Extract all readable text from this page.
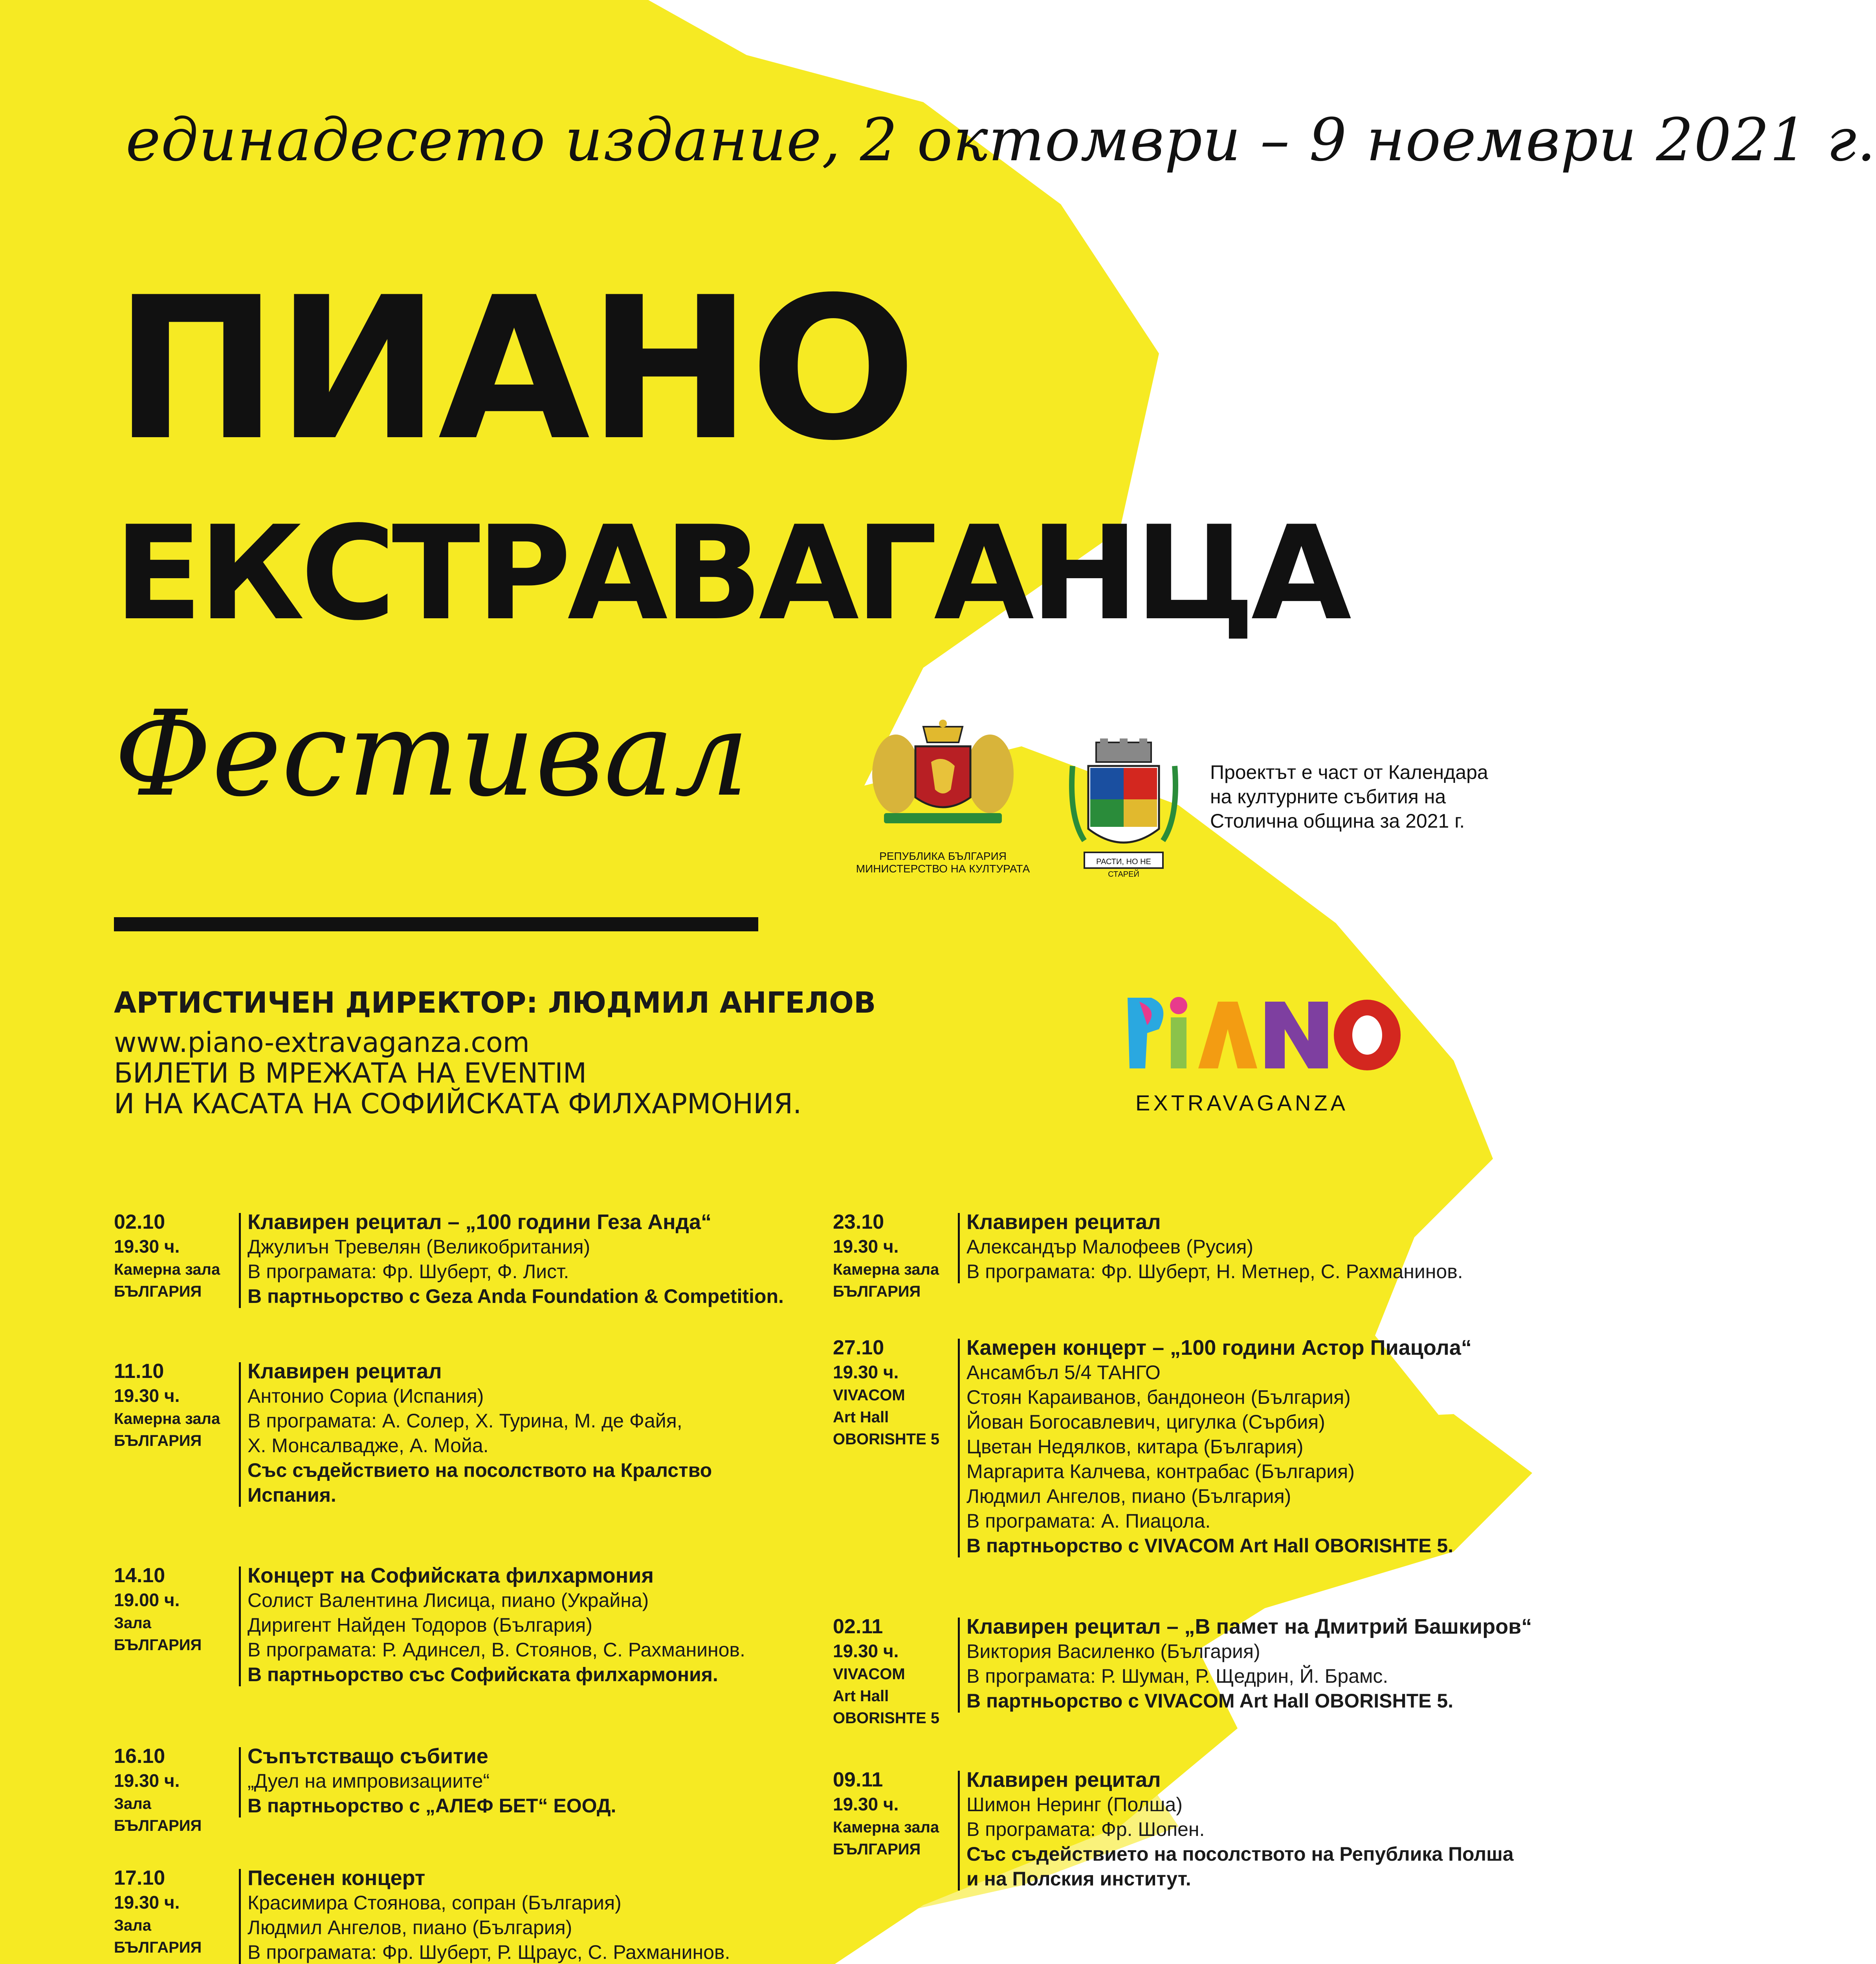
единадесето издание, 2 октомври – 9 ноември 2021 г.
ПИАНО
ЕКСТРАВАГАНЦА
Фестивал
РЕПУБЛИКА БЪЛГАРИЯ
МИНИСТЕРСТВО НА КУЛТУРАТА
РАСТИ, НО НЕ СТАРЕЙ
Проектът е част от Календара
на културните събития на
Столична община за 2021 г.
АРТИСТИЧЕН ДИРЕКТОР: ЛЮДМИЛ АНГЕЛОВ
www.piano-extravaganza.com
БИЛЕТИ В МРЕЖАТА НА EVENTIM
И НА КАСАТА НА СОФИЙСКАТА ФИЛХАРМОНИЯ.	EXTRAVAGANZA
02.10
19.30 ч.
Камерна зала
БЪЛГАРИЯ
Клавирен рецитал – „100 години Геза Анда“
Джулиън Тревелян (Великобритания)
В програмата: Фр. Шуберт, Ф. Лист.
В партньорство с Geza Anda Foundation & Competition.
11.10
19.30 ч.
Камерна зала
БЪЛГАРИЯ
Клавирен рецитал
Антонио Сориа (Испания)
В програмата: А. Солер, Х. Турина, М. де Файя,
Х. Монсалвадже, А. Мойа.
Със съдействието на посолството на Кралство
Испания.
14.10
19.00 ч.
Зала
БЪЛГАРИЯ
Концерт на Софийската филхармония
Солист Валентина Лисица, пиано (Украйна)
Диригент Найден Тодоров (България)
В програмата: Р. Адинсел, В. Стоянов, С. Рахманинов.
В партньорство със Софийската филхармония.
16.10
19.30 ч.
Зала
БЪЛГАРИЯ
Съпътстващо събитие
„Дуел на импровизациите“
В партньорство с „АЛЕФ БЕТ“ ЕООД.
17.10
19.30 ч.
Зала
БЪЛГАРИЯ
Песенен концерт
Красимира Стоянова, сопран (България)
Людмил Ангелов, пиано (България)
В програмата: Фр. Шуберт, Р. Щраус, С. Рахманинов.
23.10
19.30 ч.
Камерна зала
БЪЛГАРИЯ
Клавирен рецитал
Александър Малофеев (Русия)
В програмата: Фр. Шуберт, Н. Метнер, С. Рахманинов.
27.10
19.30 ч.
VIVACOM
Art Hall
OBORISHTE 5
Камерен концерт – „100 години Астор Пиацола“
Ансамбъл 5/4 ТАНГО
Стоян Караиванов, бандонеон (България)
Йован Богосавлевич, цигулка (Сърбия)
Цветан Недялков, китара (България)
Маргарита Калчева, контрабас (България)
Людмил Ангелов, пиано (България)
В програмата: А. Пиацола.
В партньорство с VIVACOM Art Hall OBORISHTE 5.
02.11
19.30 ч.
VIVACOM
Art Hall
OBORISHTE 5
Клавирен рецитал – „В памет на Дмитрий Башкиров“
Виктория Василенко (България)
В програмата: Р. Шуман, Р. Щедрин, Й. Брамс.
В партньорство с VIVACOM Art Hall OBORISHTE 5.
09.11
19.30 ч.
Камерна зала
БЪЛГАРИЯ
Клавирен рецитал
Шимон Неринг (Полша)
В програмата: Фр. Шопен.
Със съдействието на посолството на Република Полша
и на Полския институт.
